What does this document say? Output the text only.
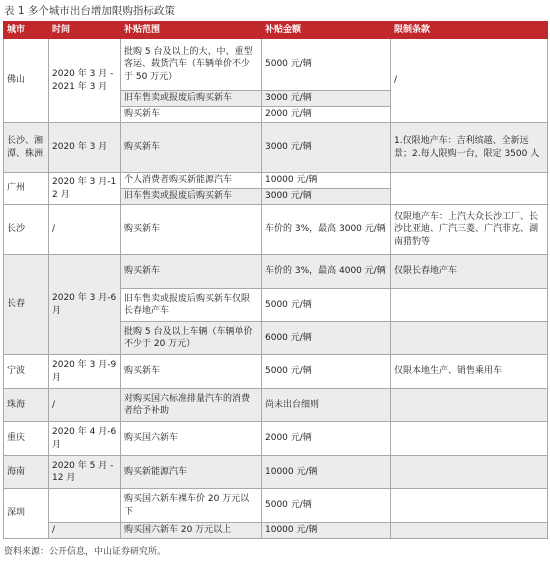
表 1 多个城市出台增加限购指标政策
城市	时间	补贴范围	补贴金额	限制条款
佛山	2020 年 3 月 -2021 年 3 月	批购 5 台及以上的大、中、重型客运、载货汽车（车辆单价不少于 50 万元）	5000 元/辆	/
		旧车售卖或报废后购买新车	3000 元/辆	
		购买新车	2000 元/辆	
长沙、湘潭、株洲	2020 年 3 月	购买新车	3000 元/辆	1.仅限地产车：吉利缤越、全新远景；2.每人限购一台，限定 3500 人
广州	2020 年 3 月-12 月	个人消费者购买新能源汽车	10000 元/辆	
		旧车售卖或报废后购买新车	3000 元/辆	
长沙	/	购买新车	车价的 3%，最高 3000 元/辆	仅限地产车：上汽大众长沙工厂、长沙比亚迪、广汽三菱、广汽菲克、湖南猎豹等
长春	2020 年 3 月-6 月	购买新车	车价的 3%，最高 4000 元/辆	仅限长春地产车
		旧车售卖或报废后购买新车仅限长春地产车	5000 元/辆	
		批购 5 台及以上车辆（车辆单价不少于 20 万元）	6000 元/辆	
宁波	2020 年 3 月-9 月	购买新车	5000 元/辆	仅限本地生产、销售乘用车
珠海	/	对购买国六标准排量汽车的消费者给予补助	尚未出台细则	
重庆	2020 年 4 月-6 月	购买国六新车	2000 元/辆	
海南	2020 年 5 月 -12 月	购买新能源汽车	10000 元/辆	
深圳		购买国六新车裸车价 20 万元以下	5000 元/辆	
	/	购买国六新车 20 万元以上	10000 元/辆	
资料来源：公开信息，中山证券研究所。
